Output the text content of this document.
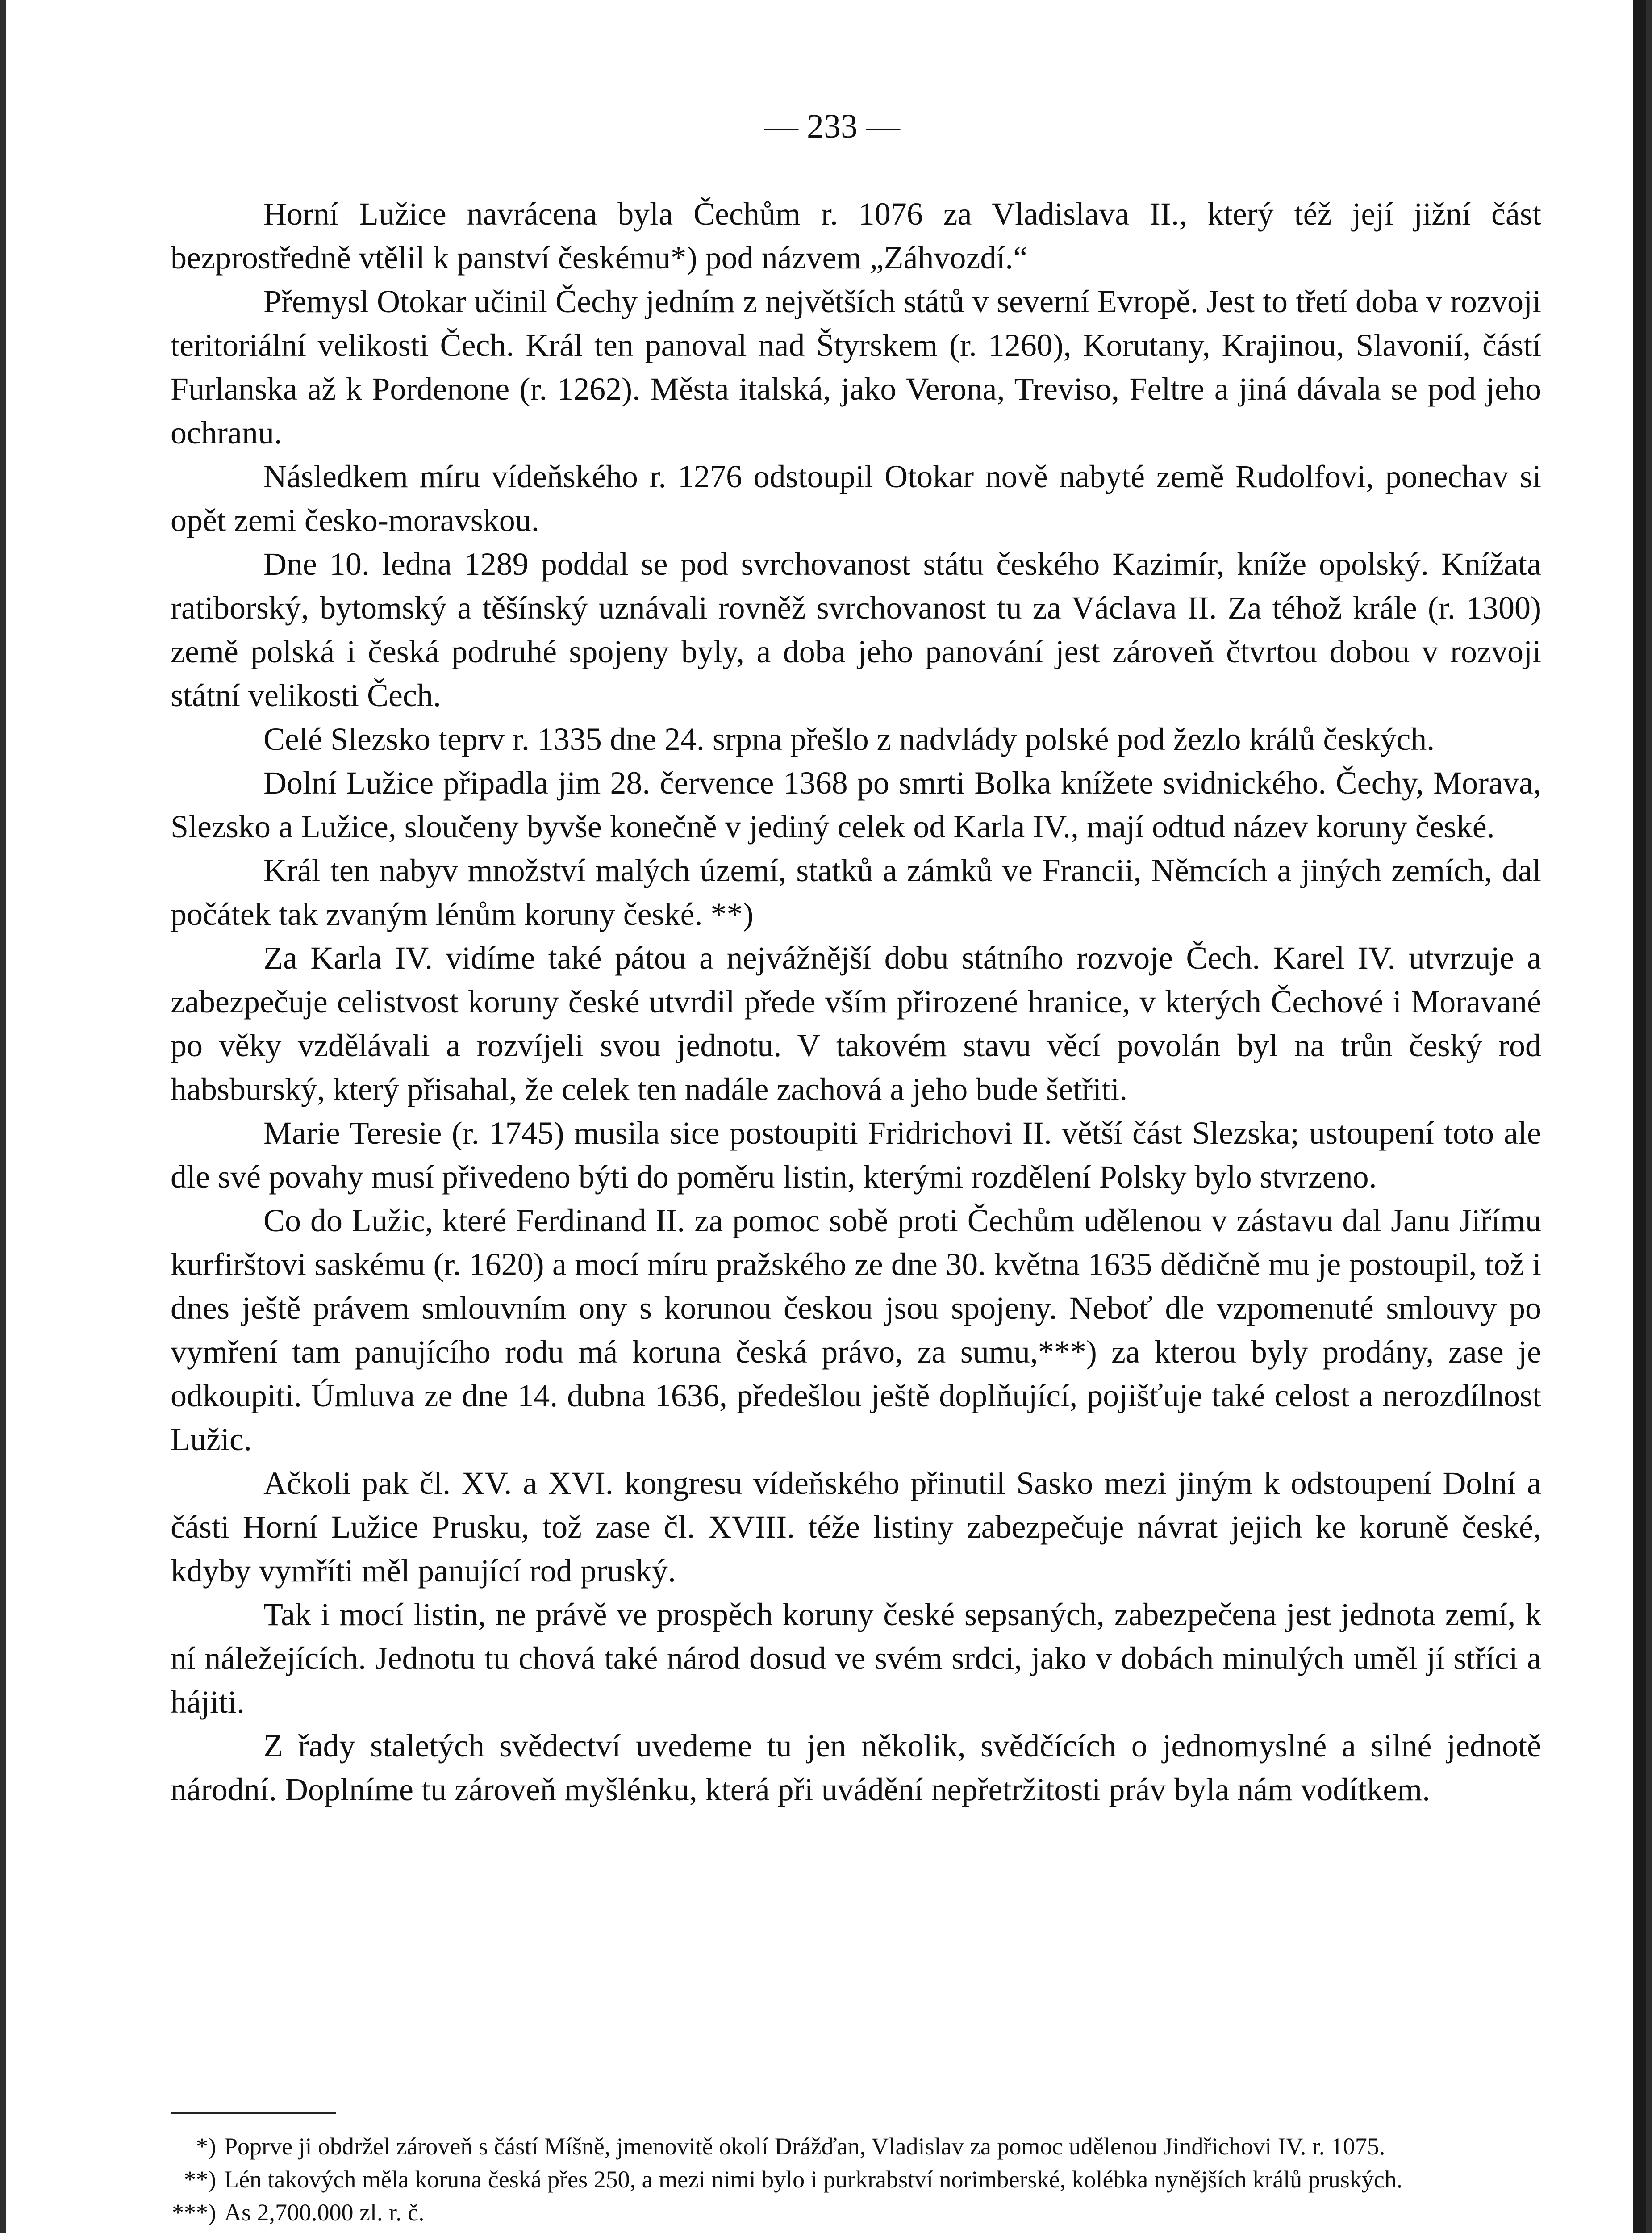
— 233 —

Horní Lužice navrácena byla Čechům r. 1076 za Vladislava II., který též její jižní část bezprostředně vtělil k panství českému*) pod názvem „Záhvozdí.“

Přemysl Otokar učinil Čechy jedním z největších států v severní Evropě. Jest to třetí doba v rozvoji teritoriální velikosti Čech. Král ten panoval nad Štyrskem (r. 1260), Korutany, Krajinou, Slavonií, částí Furlanska až k Pordenone (r. 1262). Města italská, jako Verona, Treviso, Feltre a jiná dávala se pod jeho ochranu.

Následkem míru vídeňského r. 1276 odstoupil Otokar nově nabyté země Rudolfovi, ponechav si opět zemi česko-moravskou.

Dne 10. ledna 1289 poddal se pod svrchovanost státu českého Kazimír, kníže opolský. Knížata ratiborský, bytomský a těšínský uznávali rovněž svrchovanost tu za Václava II. Za téhož krále (r. 1300) země polská i česká podruhé spojeny byly, a doba jeho panování jest zároveň čtvrtou dobou v rozvoji státní velikosti Čech.

Celé Slezsko teprv r. 1335 dne 24. srpna přešlo z nadvlády polské pod žezlo králů českých.

Dolní Lužice připadla jim 28. července 1368 po smrti Bolka knížete svidnického. Čechy, Morava, Slezsko a Lužice, sloučeny byvše konečně v jediný celek od Karla IV., mají odtud název koruny české.

Král ten nabyv množství malých území, statků a zámků ve Francii, Němcích a jiných zemích, dal počátek tak zvaným lénům koruny české. **)

Za Karla IV. vidíme také pátou a nejvážnější dobu státního rozvoje Čech. Karel IV. utvrzuje a zabezpečuje celistvost koruny české utvrdil přede vším přirozené hranice, v kterých Čechové i Moravané po věky vzdělávali a rozvíjeli svou jednotu. V takovém stavu věcí povolán byl na trůn český rod habsburský, který přisahal, že celek ten nadále zachová a jeho bude šetřiti.

Marie Teresie (r. 1745) musila sice postoupiti Fridrichovi II. větší část Slezska; ustoupení toto ale dle své povahy musí přivedeno býti do poměru listin, kterými rozdělení Polsky bylo stvrzeno.

Co do Lužic, které Ferdinand II. za pomoc sobě proti Čechům udělenou v zástavu dal Janu Jiřímu kurfirštovi saskému (r. 1620) a mocí míru pražského ze dne 30. května 1635 dědičně mu je postoupil, tož i dnes ještě právem smlouvním ony s korunou českou jsou spojeny. Neboť dle vzpomenuté smlouvy po vymření tam panujícího rodu má koruna česká právo, za sumu,***) za kterou byly prodány, zase je odkoupiti. Úmluva ze dne 14. dubna 1636, předešlou ještě doplňující, pojišťuje také celost a nerozdílnost Lužic.

Ačkoli pak čl. XV. a XVI. kongresu vídeňského přinutil Sasko mezi jiným k odstoupení Dolní a části Horní Lužice Prusku, tož zase čl. XVIII. téže listiny zabezpečuje návrat jejich ke koruně české, kdyby vymříti měl panující rod pruský.

Tak i mocí listin, ne právě ve prospěch koruny české sepsaných, zabezpečena jest jednota zemí, k ní náležejících. Jednotu tu chová také národ dosud ve svém srdci, jako v dobách minulých uměl jí stříci a hájiti.

Z řady staletých svědectví uvedeme tu jen několik, svědčících o jednomyslné a silné jednotě národní. Doplníme tu zároveň myšlénku, která při uvádění nepřetržitosti práv byla nám vodítkem.

*) Poprve ji obdržel zároveň s částí Míšně, jmenovitě okolí Drážďan, Vladislav za pomoc udělenou Jindřichovi IV. r. 1075.
**) Lén takových měla koruna česká přes 250, a mezi nimi bylo i purkrabství norimberské, kolébka nynějších králů pruských.
***) As 2,700.000 zl. r. č.
